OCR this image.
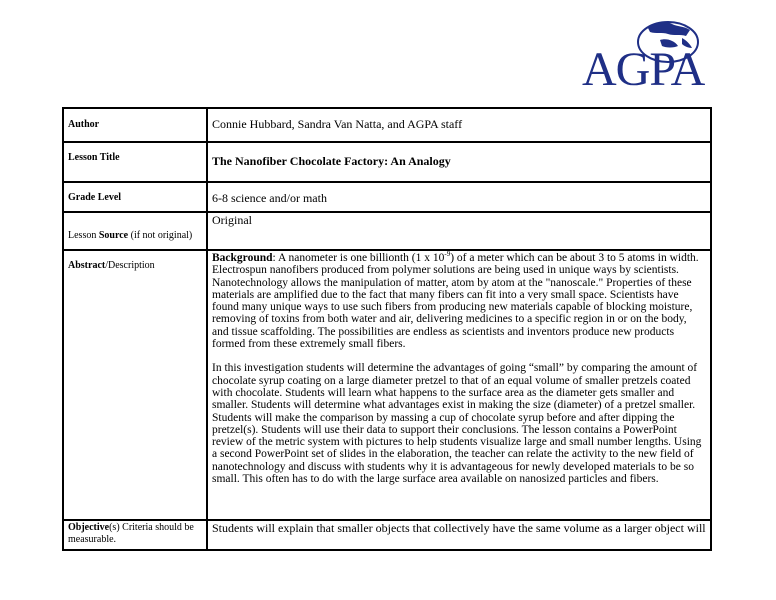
AGPA
Author	Connie Hubbard, Sandra Van Natta, and AGPA staff
Lesson Title	The Nanofiber Chocolate Factory: An Analogy
Grade Level	6-8 science and/or math
Lesson Source (if not original)	Original
Abstract/Description	Background: A nanometer is one billionth (1 x $10^{-9}$) of a meter which can be about 3 to 5 atoms in width. Electrospun nanofibers produced from polymer solutions are being used in unique ways by scientists. Nanotechnology allows the manipulation of matter, atom by atom at the "nanoscale." Properties of these materials are amplified due to the fact that many fibers can fit into a very small space. Scientists have found many unique ways to use such fibers from producing new materials capable of blocking moisture, removing of toxins from both water and air, delivering medicines to a specific region in or on the body, and tissue scaffolding. The possibilities are endless as scientists and inventors produce new products formed from these extremely small fibers.

In this investigation students will determine the advantages of going “small” by comparing the amount of chocolate syrup coating on a large diameter pretzel to that of an equal volume of smaller pretzels coated with chocolate. Students will learn what happens to the surface area as the diameter gets smaller and smaller. Students will determine what advantages exist in making the size (diameter) of a pretzel smaller. Students will make the comparison by massing a cup of chocolate syrup before and after dipping the pretzel(s). Students will use their data to support their conclusions. The lesson contains a PowerPoint review of the metric system with pictures to help students visualize large and small number lengths. Using a second PowerPoint set of slides in the elaboration, the teacher can relate the activity to the new field of nanotechnology and discuss with students why it is advantageous for newly developed materials to be so small. This often has to do with the large surface area available on nanosized particles and fibers.

Objective(s) Criteria should be measurable.	Students will explain that smaller objects that collectively have the same volume as a larger object will
